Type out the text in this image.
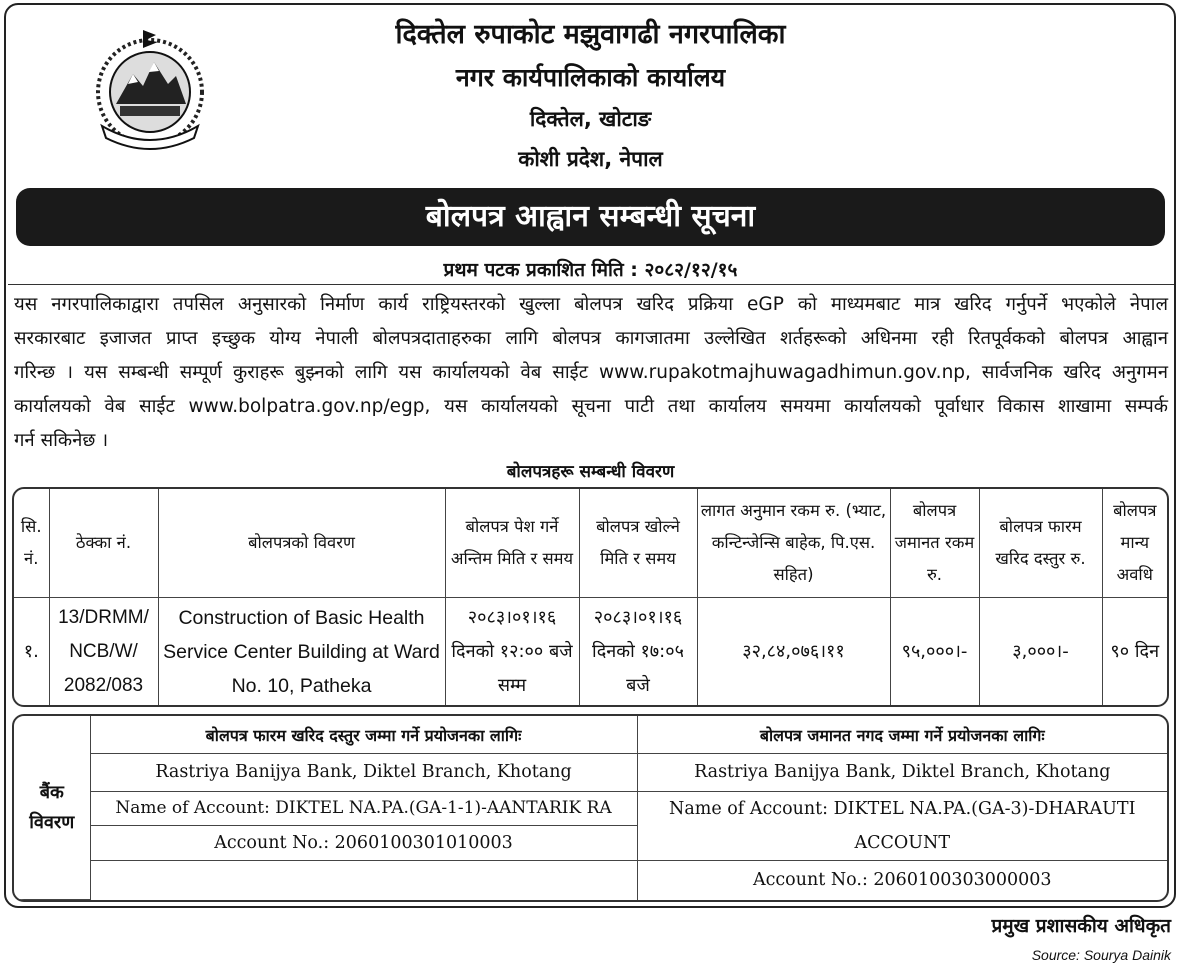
दिक्तेल रुपाकोट मझुवागढी नगरपालिका
नगर कार्यपालिकाको कार्यालय
दिक्तेल, खोटाङ
कोशी प्रदेश, नेपाल
बोलपत्र आह्वान सम्बन्धी सूचना
प्रथम पटक प्रकाशित मिति : २०८२/१२/१५
यस नगरपालिकाद्वारा तपसिल अनुसारको निर्माण कार्य राष्ट्रियस्तरको खुल्ला बोलपत्र खरिद प्रक्रिया eGP को माध्यमबाट मात्र खरिद गर्नुपर्ने भएकोले नेपाल
सरकारबाट इजाजत प्राप्त इच्छुक योग्य नेपाली बोलपत्रदाताहरुका लागि बोलपत्र कागजातमा उल्लेखित शर्तहरूको अधिनमा रही रितपूर्वकको बोलपत्र आह्वान
गरिन्छ । यस सम्बन्धी सम्पूर्ण कुराहरू बुझ्नको लागि यस कार्यालयको वेब साईट www.rupakotmajhuwagadhimun.gov.np, सार्वजनिक खरिद अनुगमन
कार्यालयको वेब साईट www.bolpatra.gov.np/egp, यस कार्यालयको सूचना पाटी तथा कार्यालय समयमा कार्यालयको पूर्वाधार विकास शाखामा सम्पर्क
गर्न सकिनेछ ।
बोलपत्रहरू सम्बन्धी विवरण
सि. नं.	ठेक्का नं.	बोलपत्रको विवरण	बोलपत्र पेश गर्ने अन्तिम मिति र समय	बोलपत्र खोल्ने मिति र समय	लागत अनुमान रकम रु. (भ्याट, कन्टिन्जेन्सि बाहेक, पि.एस. सहित)	बोलपत्र जमानत रकम रु.	बोलपत्र फारम खरिद दस्तुर रु.	बोलपत्र मान्य अवधि
१.	13/DRMM/ NCB/W/ 2082/083	Construction of Basic Health Service Center Building at Ward No. 10, Patheka	२०८३।०१।१६ दिनको १२:०० बजे सम्म	२०८३।०१।१६ दिनको १७:०५ बजे	३२,८४,०७६।११	९५,०००।-	३,०००।-	९० दिन
बैंक विवरण	बोलपत्र फारम खरिद दस्तुर जम्मा गर्ने प्रयोजनका लागिः	बोलपत्र जमानत नगद जम्मा गर्ने प्रयोजनका लागिः
	Rastriya Banijya Bank, Diktel Branch, Khotang	Rastriya Banijya Bank, Diktel Branch, Khotang
	Name of Account: DIKTEL NA.PA.(GA-1-1)-AANTARIK RA	Name of Account: DIKTEL NA.PA.(GA-3)-DHARAUTI ACCOUNT
	Account No.: 2060100301010003	
		Account No.: 2060100303000003
प्रमुख प्रशासकीय अधिकृत
Source: Sourya Dainik
